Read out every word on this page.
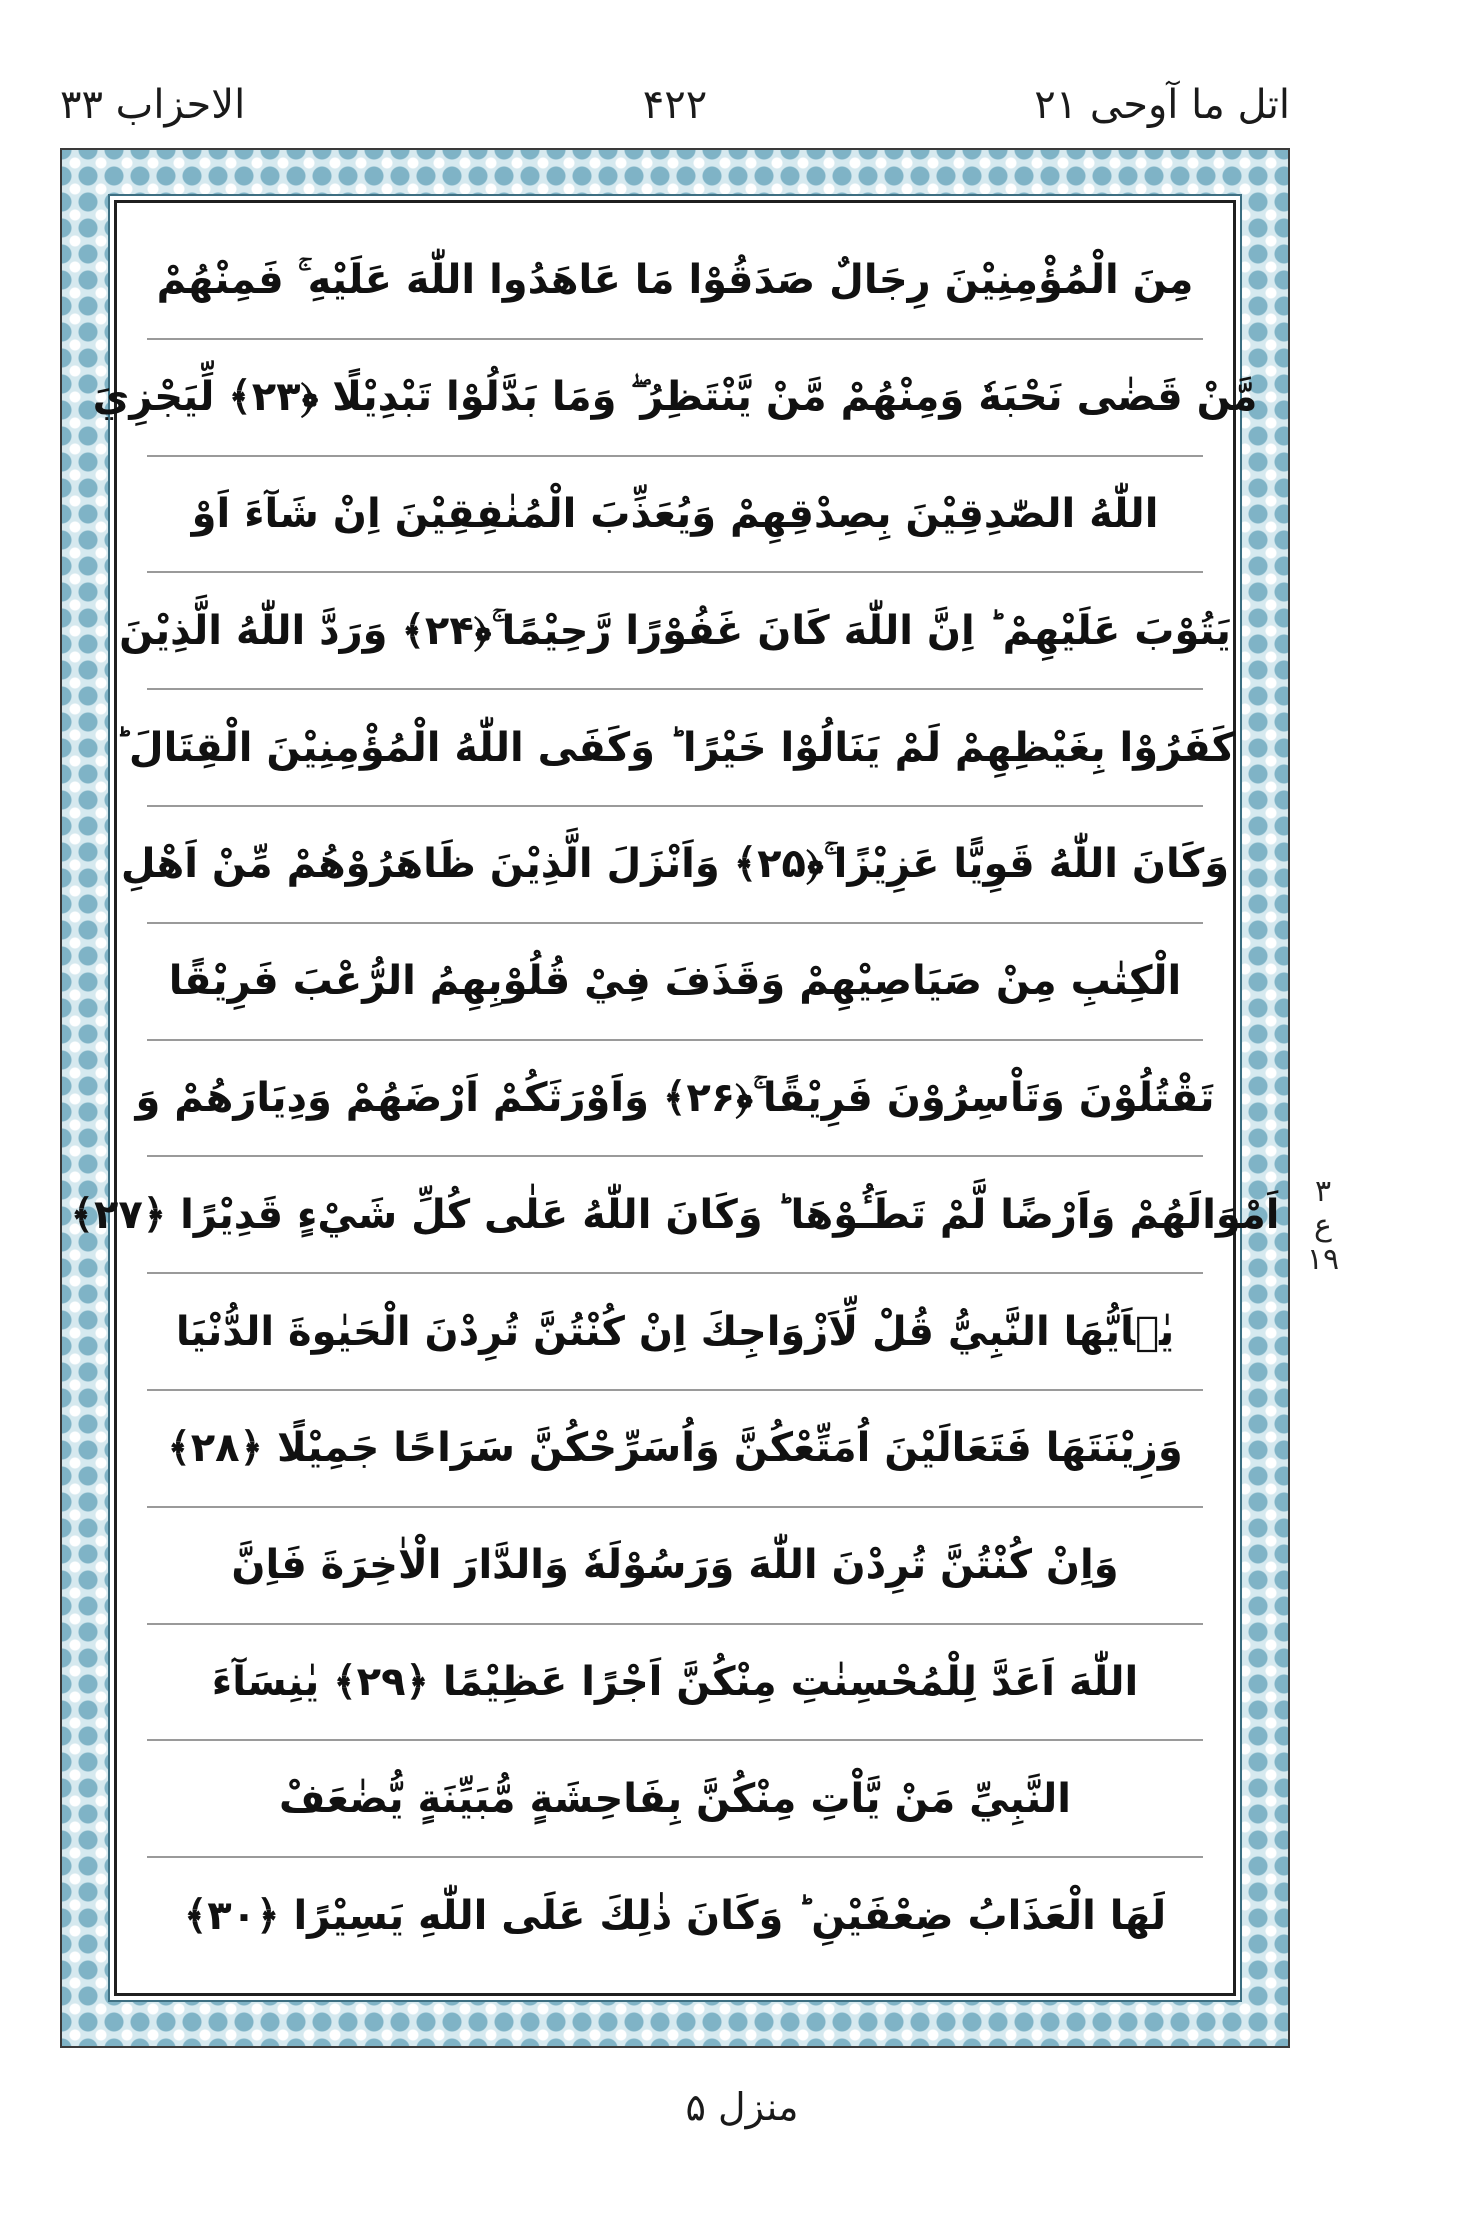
اتل ما آوحی ۲۱
۴۲۲
الاحزاب ۳۳
مِنَ الْمُؤْمِنِيْنَ رِجَالٌ صَدَقُوْا مَا عَاهَدُوا اللّٰهَ عَلَيْهِ ۚ فَمِنْهُمْ
مَّنْ قَضٰى نَحْبَهٗ وَمِنْهُمْ مَّنْ يَّنْتَظِرُ ۖ وَمَا بَدَّلُوْا تَبْدِيْلًا ﴿۲۳﴾ لِّيَجْزِيَ
اللّٰهُ الصّٰدِقِيْنَ بِصِدْقِهِمْ وَيُعَذِّبَ الْمُنٰفِقِيْنَ اِنْ شَآءَ اَوْ
يَتُوْبَ عَلَيْهِمْ ؕ اِنَّ اللّٰهَ كَانَ غَفُوْرًا رَّحِيْمًا ۚ﴿۲۴﴾ وَرَدَّ اللّٰهُ الَّذِيْنَ
كَفَرُوْا بِغَيْظِهِمْ لَمْ يَنَالُوْا خَيْرًا ؕ وَكَفَى اللّٰهُ الْمُؤْمِنِيْنَ الْقِتَالَ ؕ
وَكَانَ اللّٰهُ قَوِيًّا عَزِيْزًا ۚ﴿۲۵﴾ وَاَنْزَلَ الَّذِيْنَ ظَاهَرُوْهُمْ مِّنْ اَهْلِ
الْكِتٰبِ مِنْ صَيَاصِيْهِمْ وَقَذَفَ فِيْ قُلُوْبِهِمُ الرُّعْبَ فَرِيْقًا
تَقْتُلُوْنَ وَتَاْسِرُوْنَ فَرِيْقًا ۚ﴿۲۶﴾ وَاَوْرَثَكُمْ اَرْضَهُمْ وَدِيَارَهُمْ وَ
اَمْوَالَهُمْ وَاَرْضًا لَّمْ تَطَـُٔوْهَا ؕ وَكَانَ اللّٰهُ عَلٰى كُلِّ شَيْءٍ قَدِيْرًا ﴿۲۷﴾
يٰۤاَيُّهَا النَّبِيُّ قُلْ لِّاَزْوَاجِكَ اِنْ كُنْتُنَّ تُرِدْنَ الْحَيٰوةَ الدُّنْيَا
وَزِيْنَتَهَا فَتَعَالَيْنَ اُمَتِّعْكُنَّ وَاُسَرِّحْكُنَّ سَرَاحًا جَمِيْلًا ﴿۲۸﴾
وَاِنْ كُنْتُنَّ تُرِدْنَ اللّٰهَ وَرَسُوْلَهٗ وَالدَّارَ الْاٰخِرَةَ فَاِنَّ
اللّٰهَ اَعَدَّ لِلْمُحْسِنٰتِ مِنْكُنَّ اَجْرًا عَظِيْمًا ﴿۲۹﴾ يٰنِسَآءَ
النَّبِيِّ مَنْ يَّاْتِ مِنْكُنَّ بِفَاحِشَةٍ مُّبَيِّنَةٍ يُّضٰعَفْ
لَهَا الْعَذَابُ ضِعْفَيْنِ ؕ وَكَانَ ذٰلِكَ عَلَى اللّٰهِ يَسِيْرًا ﴿۳۰﴾
٣
ع
١٩
منزل ۵
